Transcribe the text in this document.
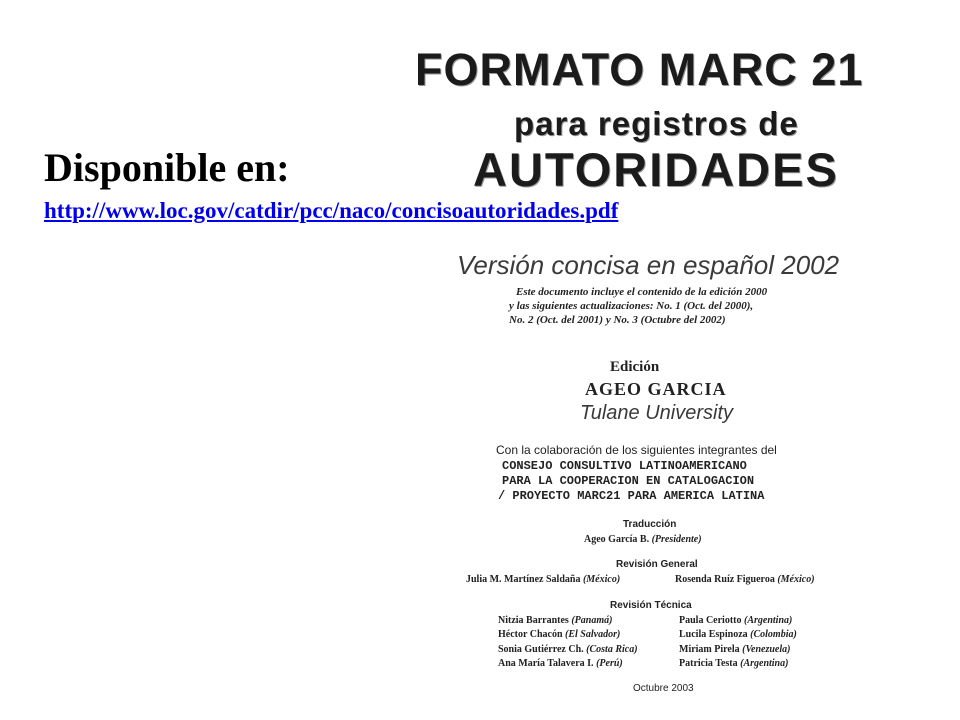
Disponible en:
http://www.loc.gov/catdir/pcc/naco/concisoautoridades.pdf
FORMATO MARC 21
para registros de
AUTORIDADES
Versión concisa en español 2002
Este documento incluye el contenido de la edición 2000
y las siguientes actualizaciones: No. 1 (Oct. del 2000),
No. 2 (Oct. del 2001) y No. 3 (Octubre del 2002)
Edición
AGEO GARCIA
Tulane University
Con la colaboración de los siguientes integrantes del
CONSEJO CONSULTIVO LATINOAMERICANO
PARA LA COOPERACION EN CATALOGACION
/ PROYECTO MARC21 PARA AMERICA LATINA
Traducción
Ageo García B. (Presidente)
Revisión General
Julia M. Martínez Saldaña (México)	Rosenda Ruíz Figueroa (México)
Revisión Técnica
Nitzia Barrantes (Panamá)	Paula Ceriotto (Argentina)
Héctor Chacón (El Salvador)	Lucila Espinoza (Colombia)
Sonia Gutiérrez Ch. (Costa Rica)	Miriam Pirela (Venezuela)
Ana María Talavera I. (Perú)	Patricia Testa (Argentina)
Octubre 2003
